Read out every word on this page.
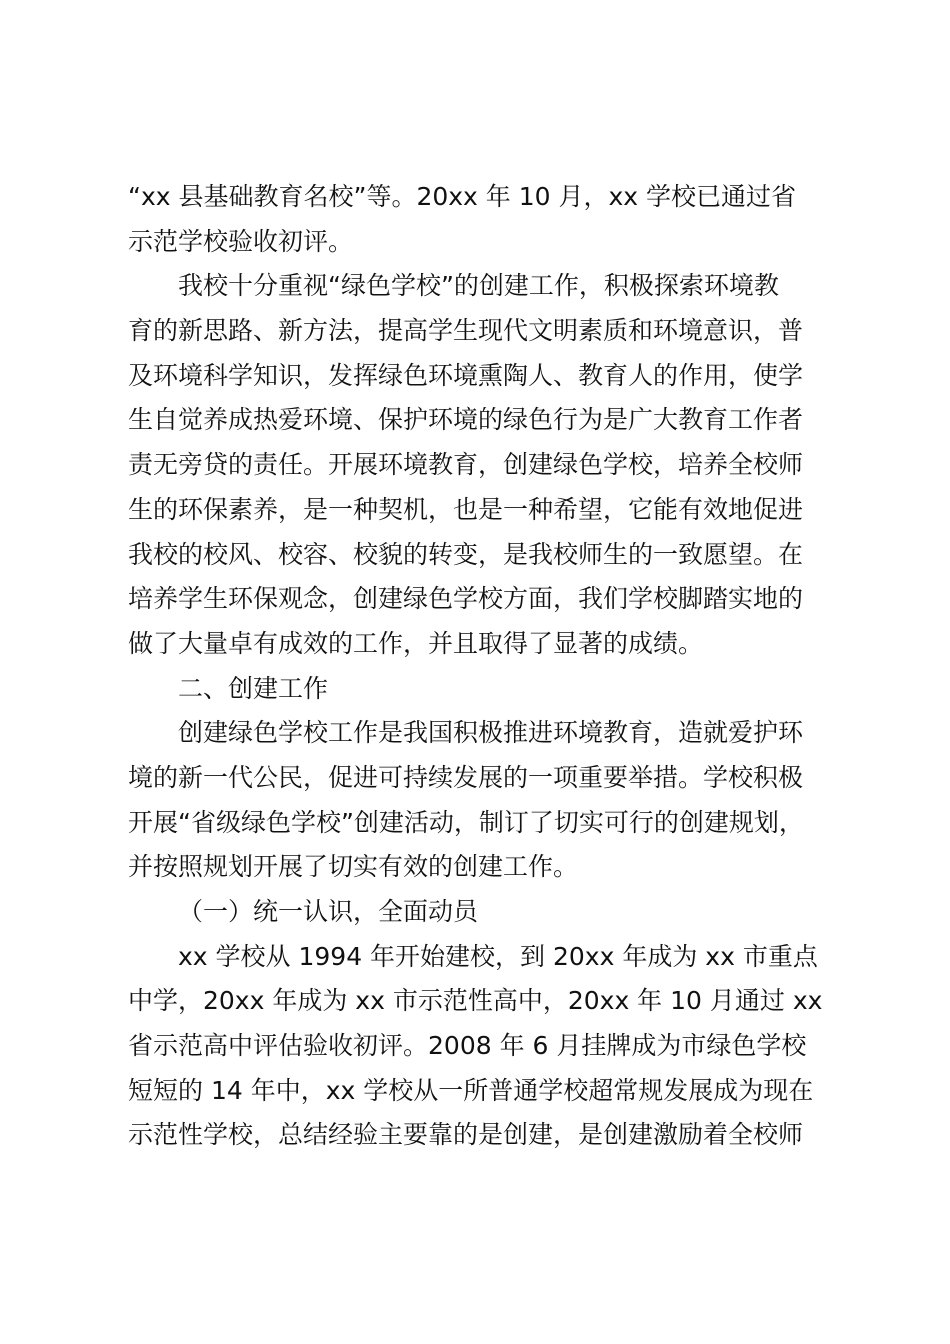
“xx 县基础教育名校”等。20xx 年 10 月，xx 学校已通过省
示范学校验收初评。
我校十分重视“绿色学校”的创建工作，积极探索环境教
育的新思路、新方法，提高学生现代文明素质和环境意识，普
及环境科学知识，发挥绿色环境熏陶人、教育人的作用，使学
生自觉养成热爱环境、保护环境的绿色行为是广大教育工作者
责无旁贷的责任。开展环境教育，创建绿色学校，培养全校师
生的环保素养，是一种契机，也是一种希望，它能有效地促进
我校的校风、校容、校貌的转变，是我校师生的一致愿望。在
培养学生环保观念，创建绿色学校方面，我们学校脚踏实地的
做了大量卓有成效的工作，并且取得了显著的成绩。
二、创建工作
创建绿色学校工作是我国积极推进环境教育，造就爱护环
境的新一代公民，促进可持续发展的一项重要举措。学校积极
开展“省级绿色学校”创建活动，制订了切实可行的创建规划，
并按照规划开展了切实有效的创建工作。
（一）统一认识，全面动员
xx 学校从 1994 年开始建校，到 20xx 年成为 xx 市重点
中学，20xx 年成为 xx 市示范性高中，20xx 年 10 月通过 xx
省示范高中评估验收初评。2008 年 6 月挂牌成为市绿色学校
短短的 14 年中，xx 学校从一所普通学校超常规发展成为现在
示范性学校，总结经验主要靠的是创建，是创建激励着全校师
